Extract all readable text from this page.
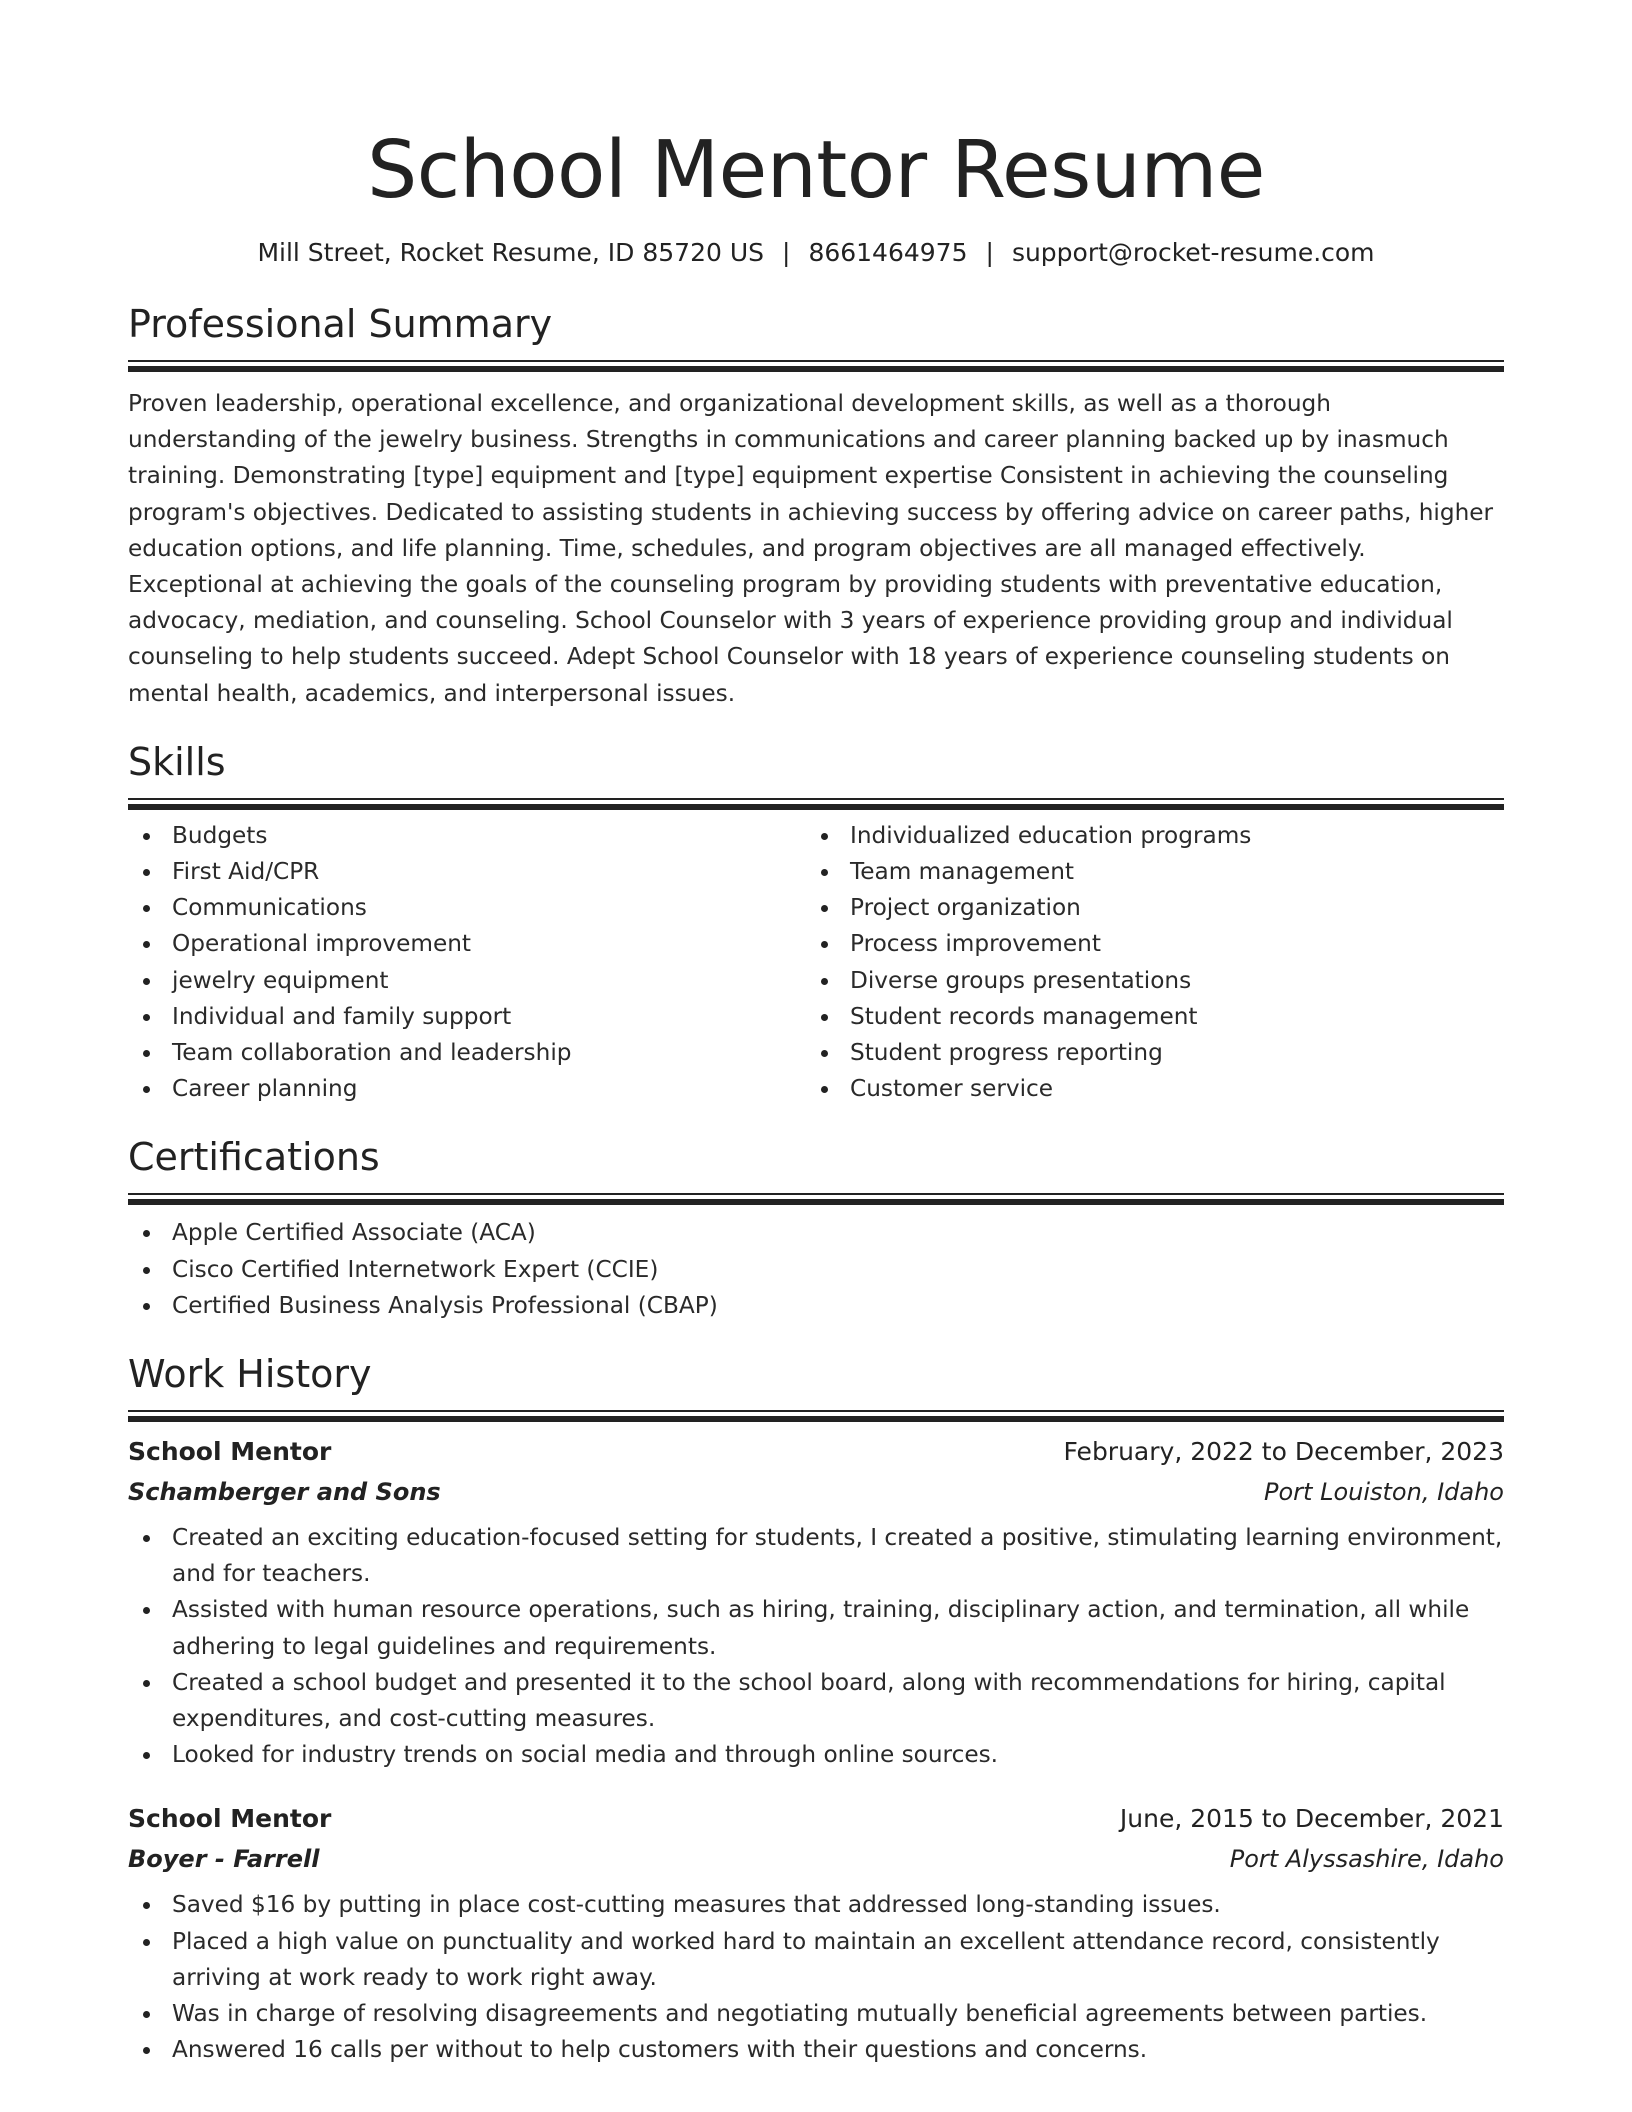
School Mentor Resume
Mill Street, Rocket Resume, ID 85720 US | 8661464975 | support@rocket-resume.com
Professional Summary

Proven leadership, operational excellence, and organizational development skills, as well as a thorough understanding of the jewelry business. Strengths in communications and career planning backed up by inasmuch training. Demonstrating [type] equipment and [type] equipment expertise Consistent in achieving the counseling program's objectives. Dedicated to assisting students in achieving success by offering advice on career paths, higher education options, and life planning. Time, schedules, and program objectives are all managed effectively. Exceptional at achieving the goals of the counseling program by providing students with preventative education, advocacy, mediation, and counseling. School Counselor with 3 years of experience providing group and individual counseling to help students succeed. Adept School Counselor with 18 years of experience counseling students on mental health, academics, and interpersonal issues.

Skills
Budgets
First Aid/CPR
Communications
Operational improvement
jewelry equipment
Individual and family support
Team collaboration and leadership
Career planning
Individualized education programs
Team management
Project organization
Process improvement
Diverse groups presentations
Student records management
Student progress reporting
Customer service
Certifications
Apple Certified Associate (ACA)
Cisco Certified Internetwork Expert (CCIE)
Certified Business Analysis Professional (CBAP)
Work History
School Mentor	February, 2022 to December, 2023
Schamberger and Sons	Port Louiston, Idaho
Created an exciting education-focused setting for students, I created a positive, stimulating learning environment, and for teachers.
Assisted with human resource operations, such as hiring, training, disciplinary action, and termination, all while adhering to legal guidelines and requirements.
Created a school budget and presented it to the school board, along with recommendations for hiring, capital expenditures, and cost-cutting measures.
Looked for industry trends on social media and through online sources.
School Mentor	June, 2015 to December, 2021
Boyer - Farrell	Port Alyssashire, Idaho
Saved $16 by putting in place cost-cutting measures that addressed long-standing issues.
Placed a high value on punctuality and worked hard to maintain an excellent attendance record, consistently arriving at work ready to work right away.
Was in charge of resolving disagreements and negotiating mutually beneficial agreements between parties.
Answered 16 calls per without to help customers with their questions and concerns.
